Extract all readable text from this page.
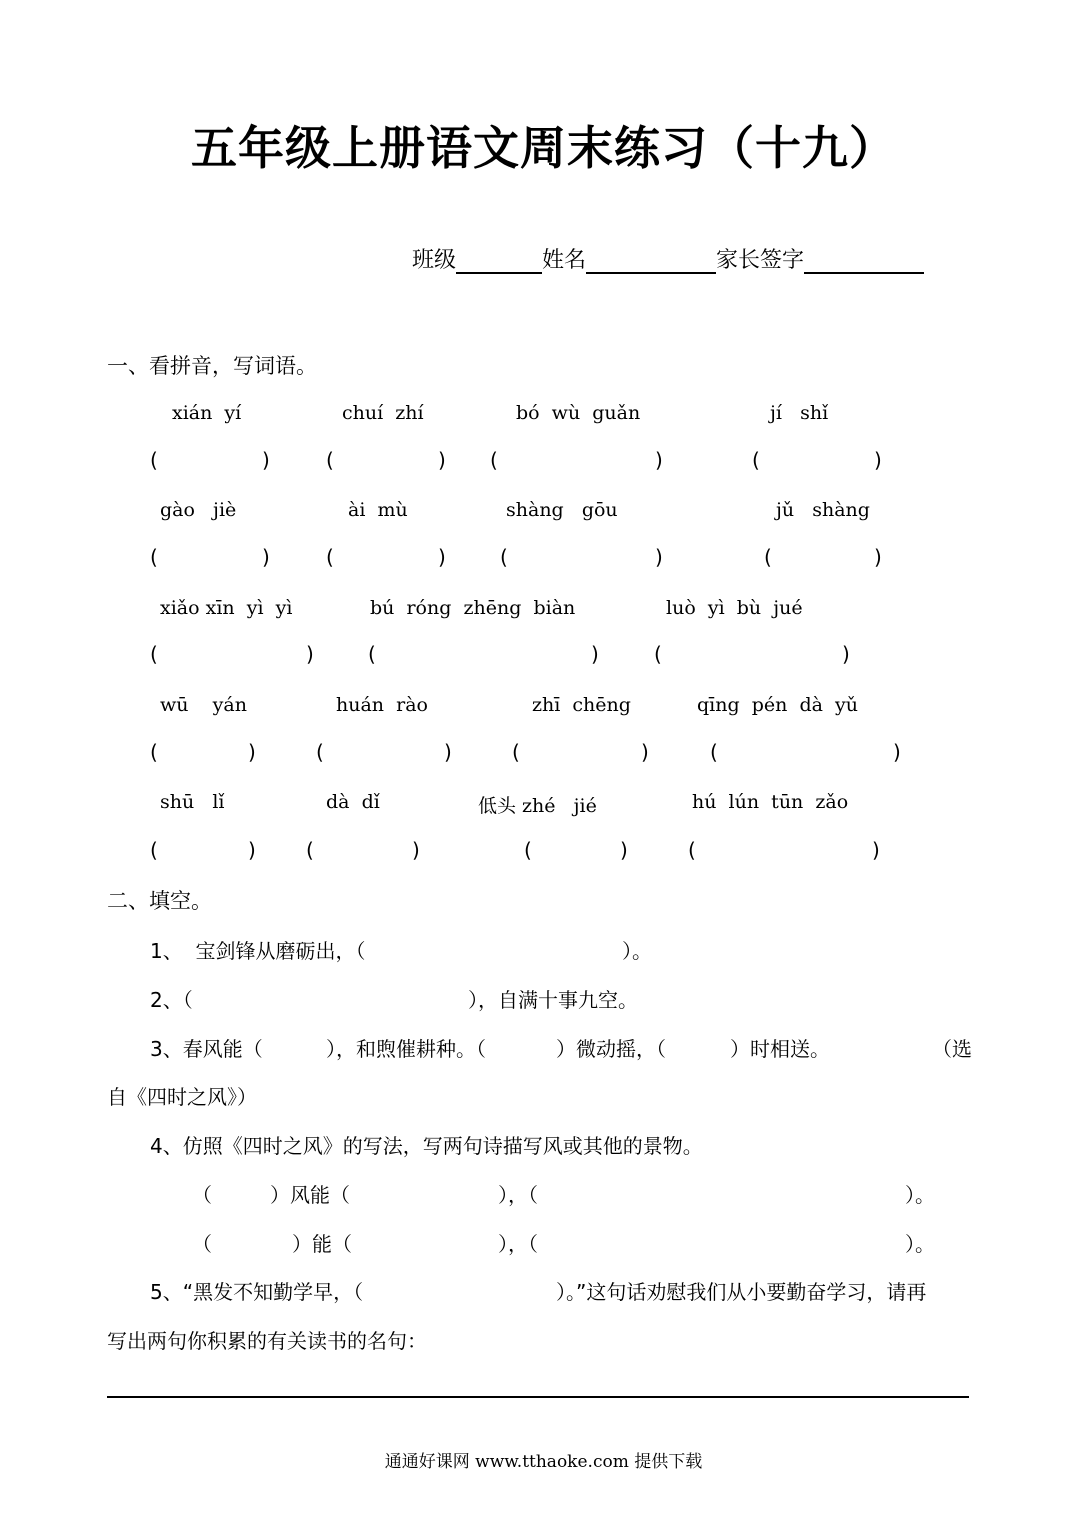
五年级上册语文周末练习（十九）
班级	姓名	家长签字
一、看拼音，写词语。
xián  yí	chuí  zhí	bó  wù  guǎn	jí   shǐ
(	)	(	) (	)	(	)
gào   jiè	ài  mù	shàng   gōu	jǔ   shàng
(	)	(	)	(	)	(	)
xiǎo xīn  yì  yì	bú  róng  zhēng  biàn	luò  yì  bù  jué
(	)	(	)	(	)
wū    yán	huán  rào	zhī  chēng	qīng  pén  dà  yǔ
(	)	(	)	(	)	(	)
shū   lǐ	dà  dǐ	低头 zhé   jié	hú  lún  tūn  zǎo
(	)	(	)	(	)	(	)
二、填空。
1、  宝剑锋从磨砺出，（	）。
2、（	），自满十事九空。
3、春风能（	），和煦催耕种。（	）微动摇，（	）时相送。	（选
自《四时之风》）
4、仿照《四时之风》的写法，写两句诗描写风或其他的景物。
（	）风能（	），（	）。
（	）能（	），（	）。
5、“黑发不知勤学早，（	）。”这句话劝慰我们从小要勤奋学习，请再
写出两句你积累的有关读书的名句：
通通好课网 www.tthaoke.com 提供下载
